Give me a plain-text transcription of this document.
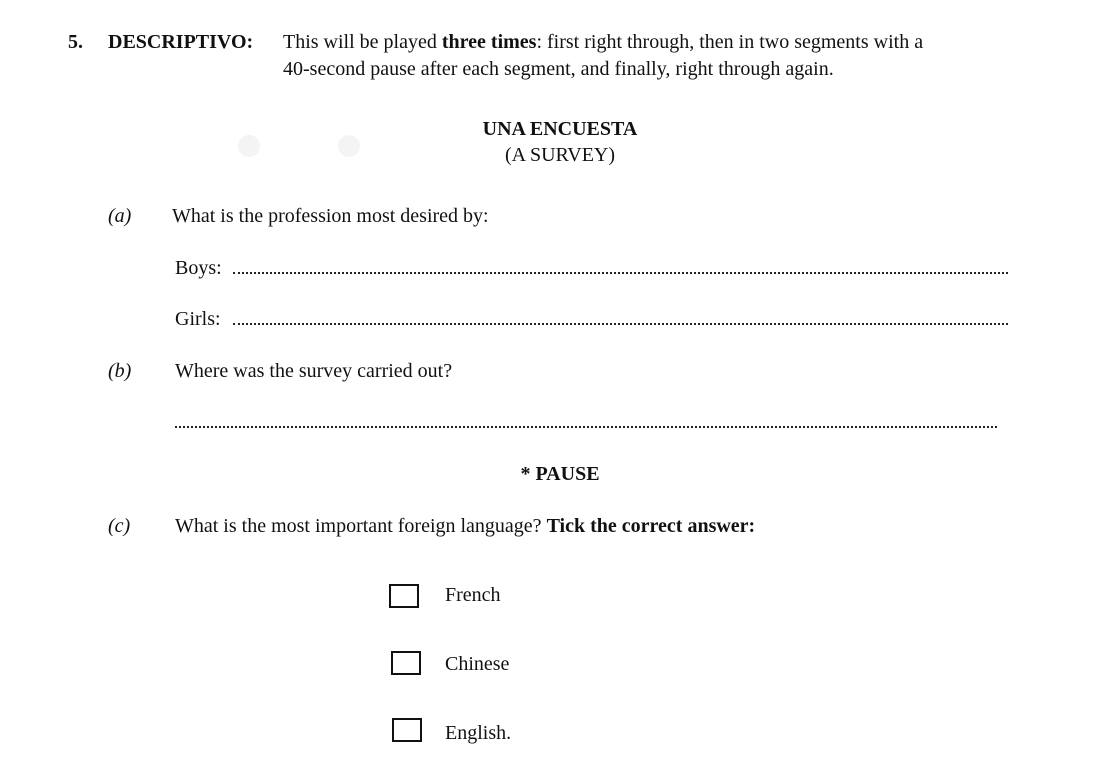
5. DESCRIPTIVO: This will be played three times: first right through, then in two segments with a
40-second pause after each segment, and finally, right through again.
UNA ENCUESTA
(A SURVEY)
(a) What is the profession most desired by:
Boys:
Girls:
(b) Where was the survey carried out?
* PAUSE
(c) What is the most important foreign language? Tick the correct answer:
French
Chinese
English.
